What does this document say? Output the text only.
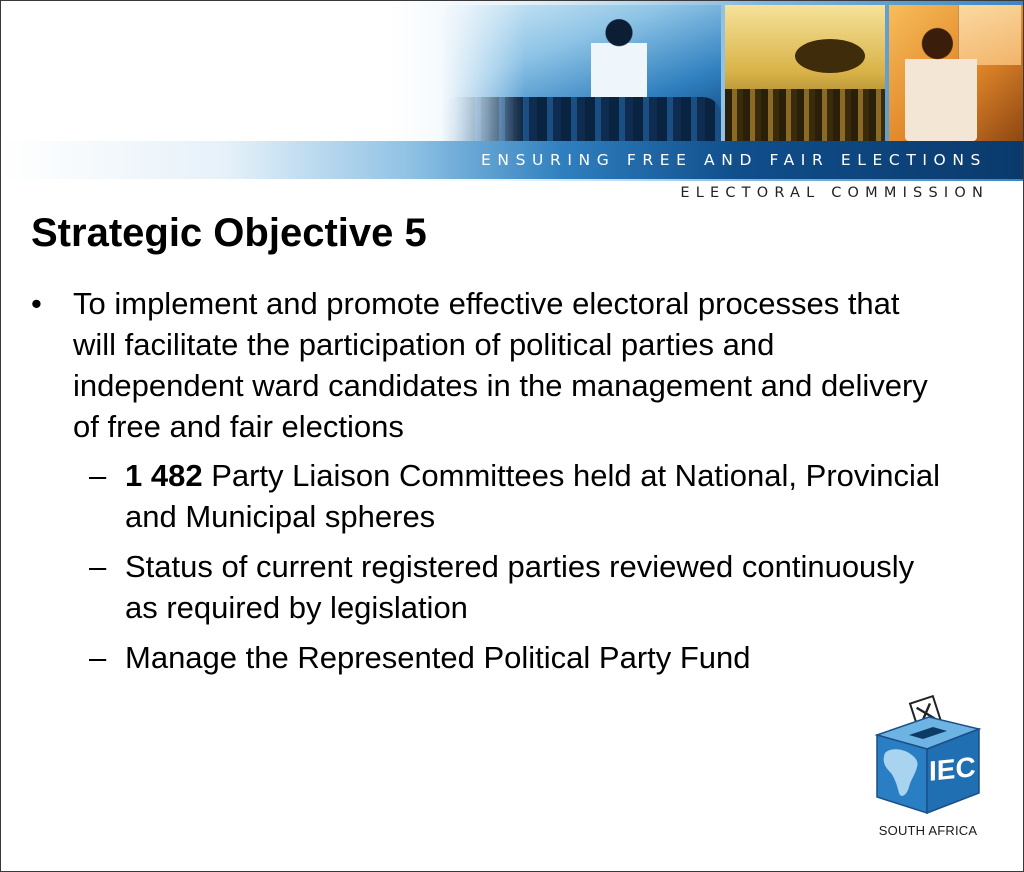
ENSURING FREE AND FAIR ELECTIONS
ELECTORAL COMMISSION
Strategic Objective 5
• To implement and promote effective electoral processes that will facilitate the participation of political parties and independent ward candidates in the management and delivery of free and fair elections
– 1 482 Party Liaison Committees held at National, Provincial and Municipal spheres
– Status of current registered parties reviewed continuously as required by legislation
– Manage the Represented Political Party Fund
IEC
SOUTH AFRICA
